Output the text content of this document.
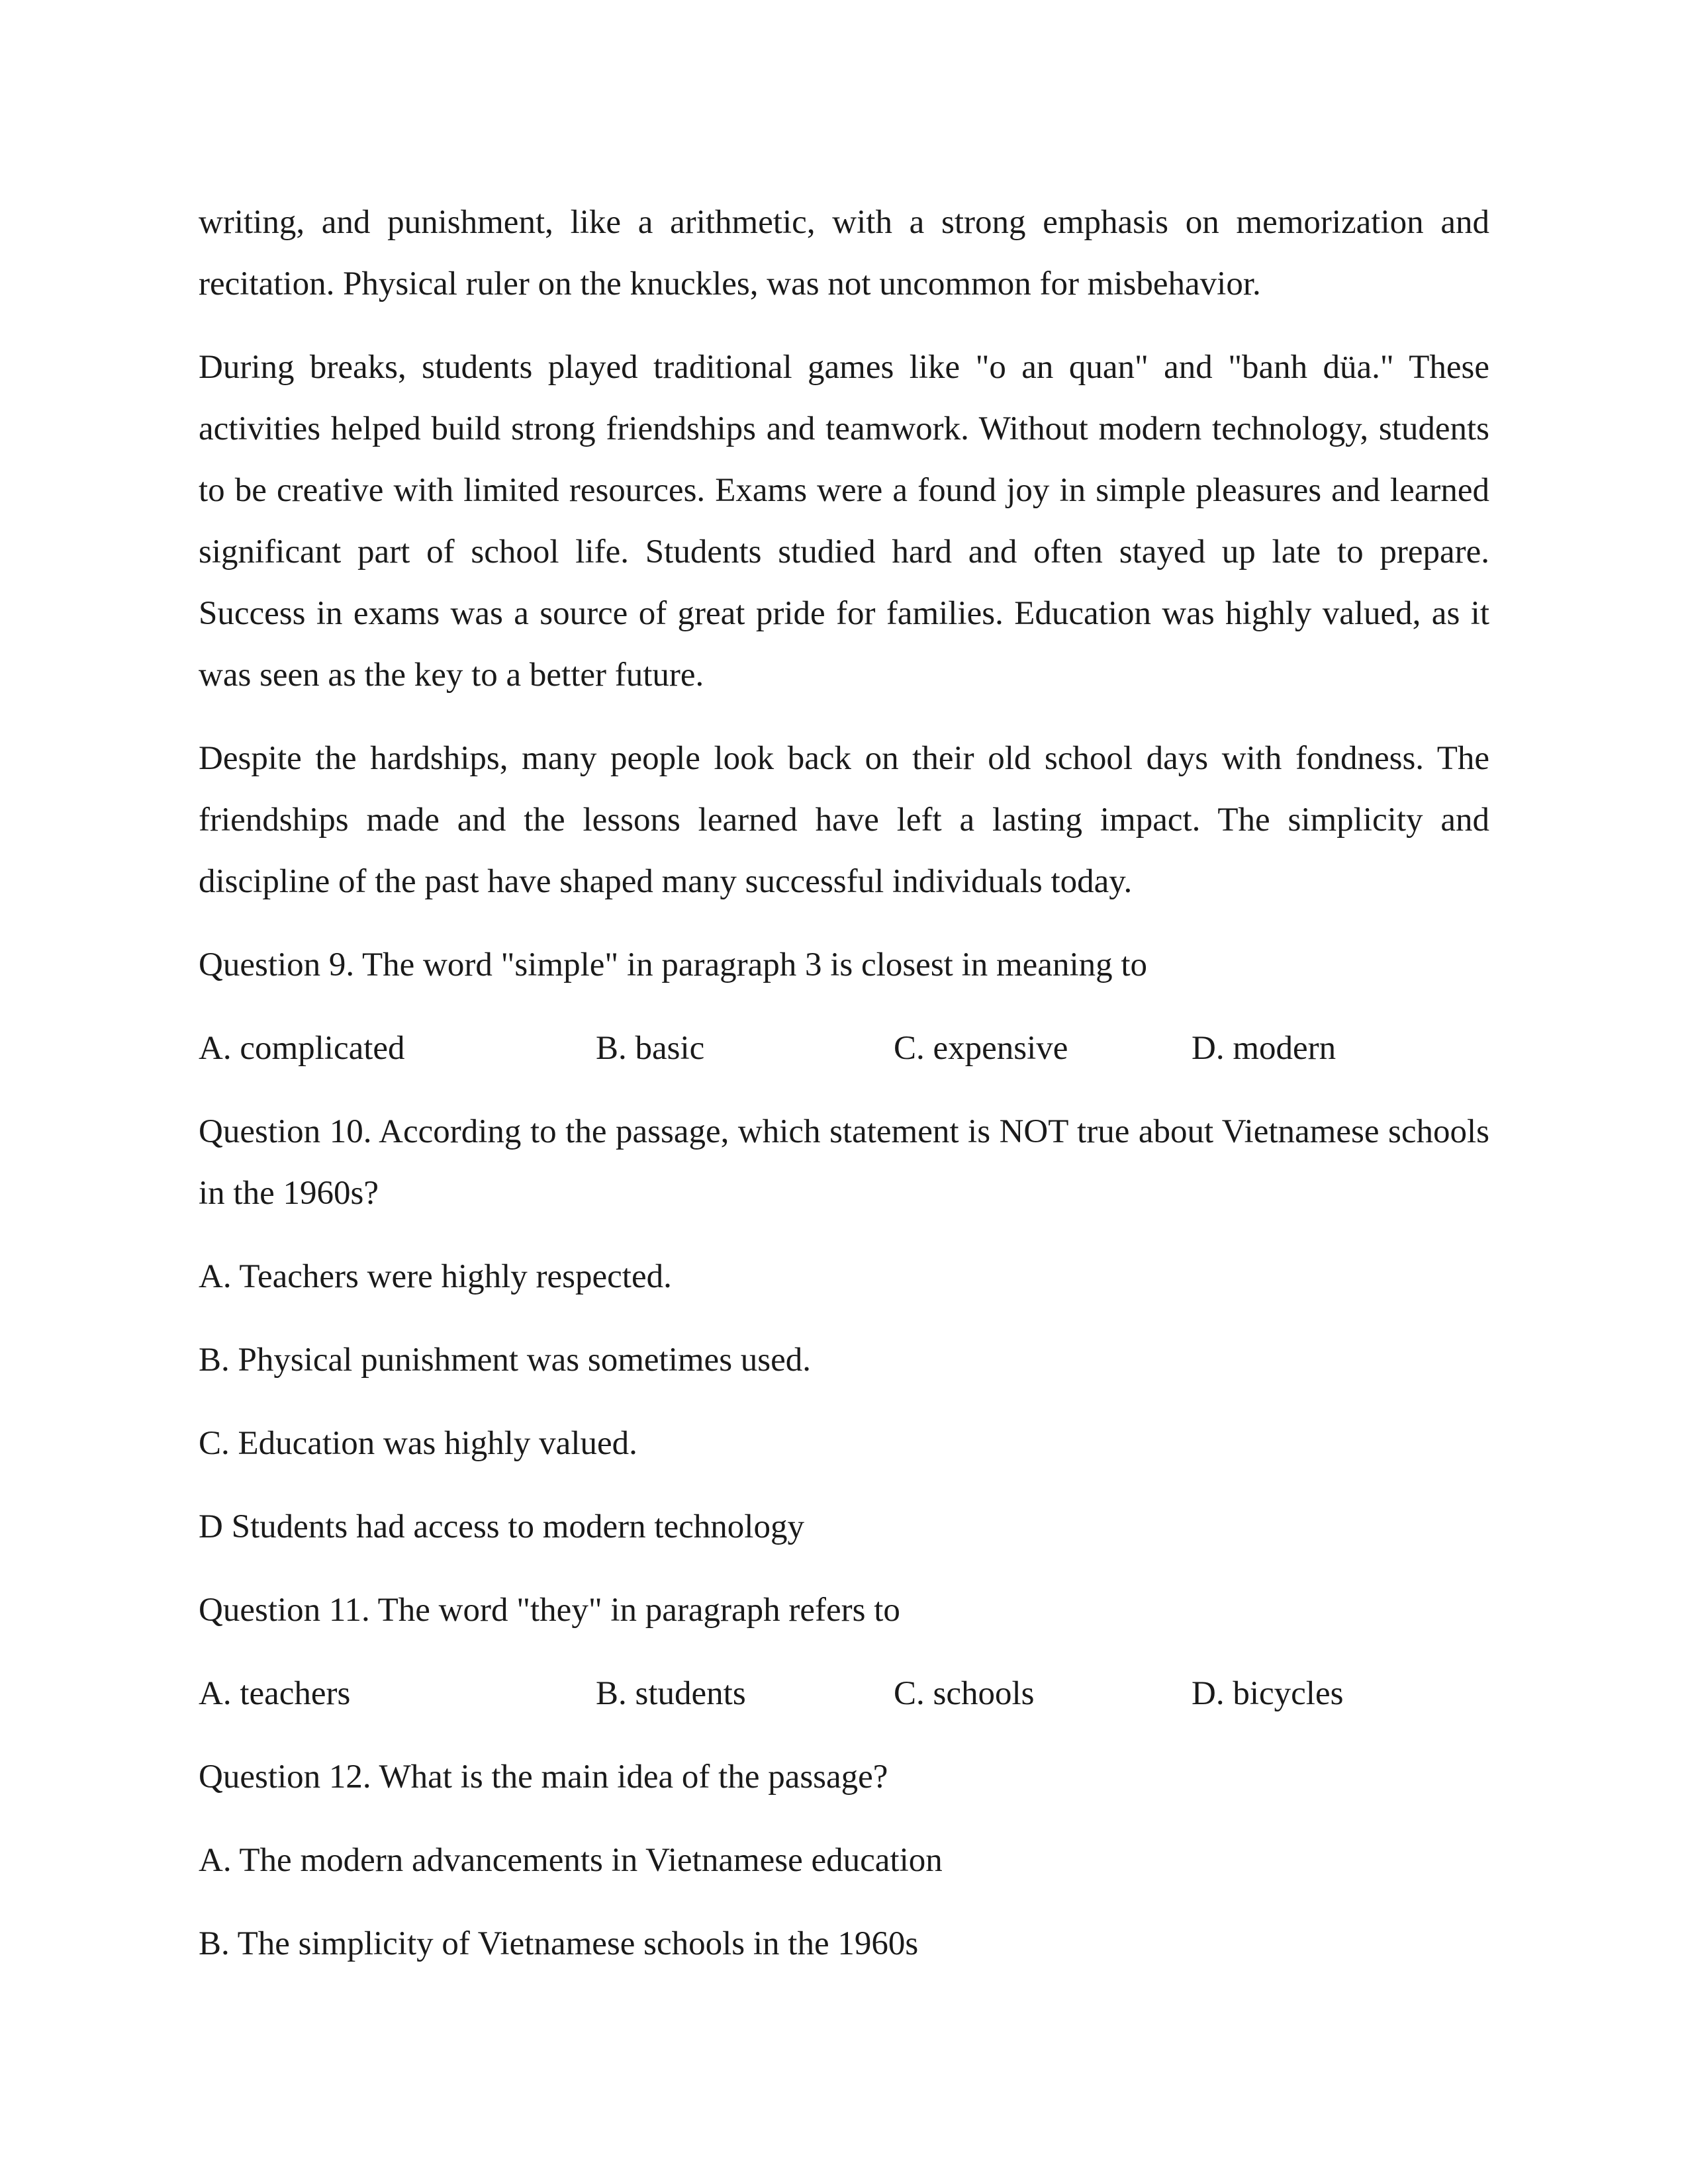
writing, and punishment, like a arithmetic, with a strong emphasis on memorization and recitation. Physical ruler on the knuckles, was not uncommon for misbehavior.

During breaks, students played traditional games like "o an quan" and "banh düa." These activities helped build strong friendships and teamwork. Without modern technology, students to be creative with limited resources. Exams were a found joy in simple pleasures and learned significant part of school life. Students studied hard and often stayed up late to prepare. Success in exams was a source of great pride for families. Education was highly valued, as it was seen as the key to a better future.

Despite the hardships, many people look back on their old school days with fondness. The friendships made and the lessons learned have left a lasting impact. The simplicity and discipline of the past have shaped many successful individuals today.

Question 9. The word "simple" in paragraph 3 is closest in meaning to
A. complicated	B. basic	C. expensive	D. modern

Question 10. According to the passage, which statement is NOT true about Vietnamese schools in the 1960s?

A. Teachers were highly respected.
B. Physical punishment was sometimes used.
C. Education was highly valued.
D Students had access to modern technology
Question 11. The word "they" in paragraph refers to
A. teachers	B. students	C. schools	D. bicycles
Question 12. What is the main idea of the passage?
A. The modern advancements in Vietnamese education
B. The simplicity of Vietnamese schools in the 1960s
